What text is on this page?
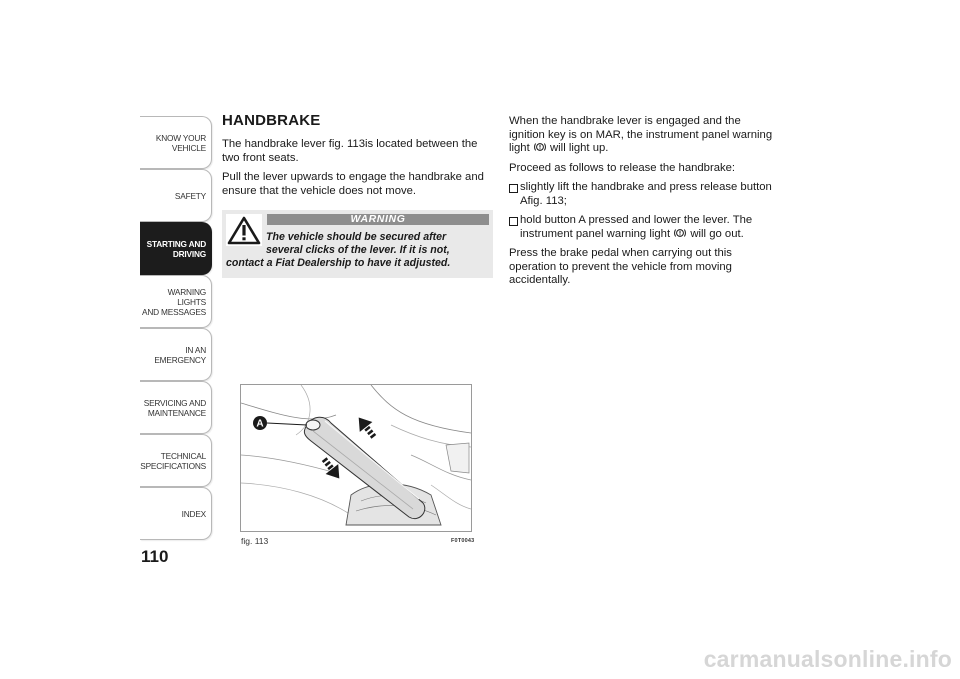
KNOW YOUR
VEHICLE
SAFETY
STARTING AND
DRIVING
WARNING LIGHTS
AND MESSAGES
IN AN EMERGENCY
SERVICING AND
MAINTENANCE
TECHNICAL
SPECIFICATIONS
INDEX
110
HANDBRAKE

The handbrake lever fig. 113is located between the two front seats.

Pull the lever upwards to engage the handbrake and ensure that the vehicle does not move.

WARNING
The vehicle should be secured after
several clicks of the lever. If it is not,
contact a Fiat Dealership to have it adjusted.
A
fig. 113	F0T0043

When the handbrake lever is engaged and the ignition key is on MAR, the instrument panel warning light will light up.

Proceed as follows to release the handbrake:

slightly lift the handbrake and press release button Afig. 113;
hold button A pressed and lower the lever. The instrument panel warning light will go out.

Press the brake pedal when carrying out this operation to prevent the vehicle from moving accidentally.

carmanualsonline.info
